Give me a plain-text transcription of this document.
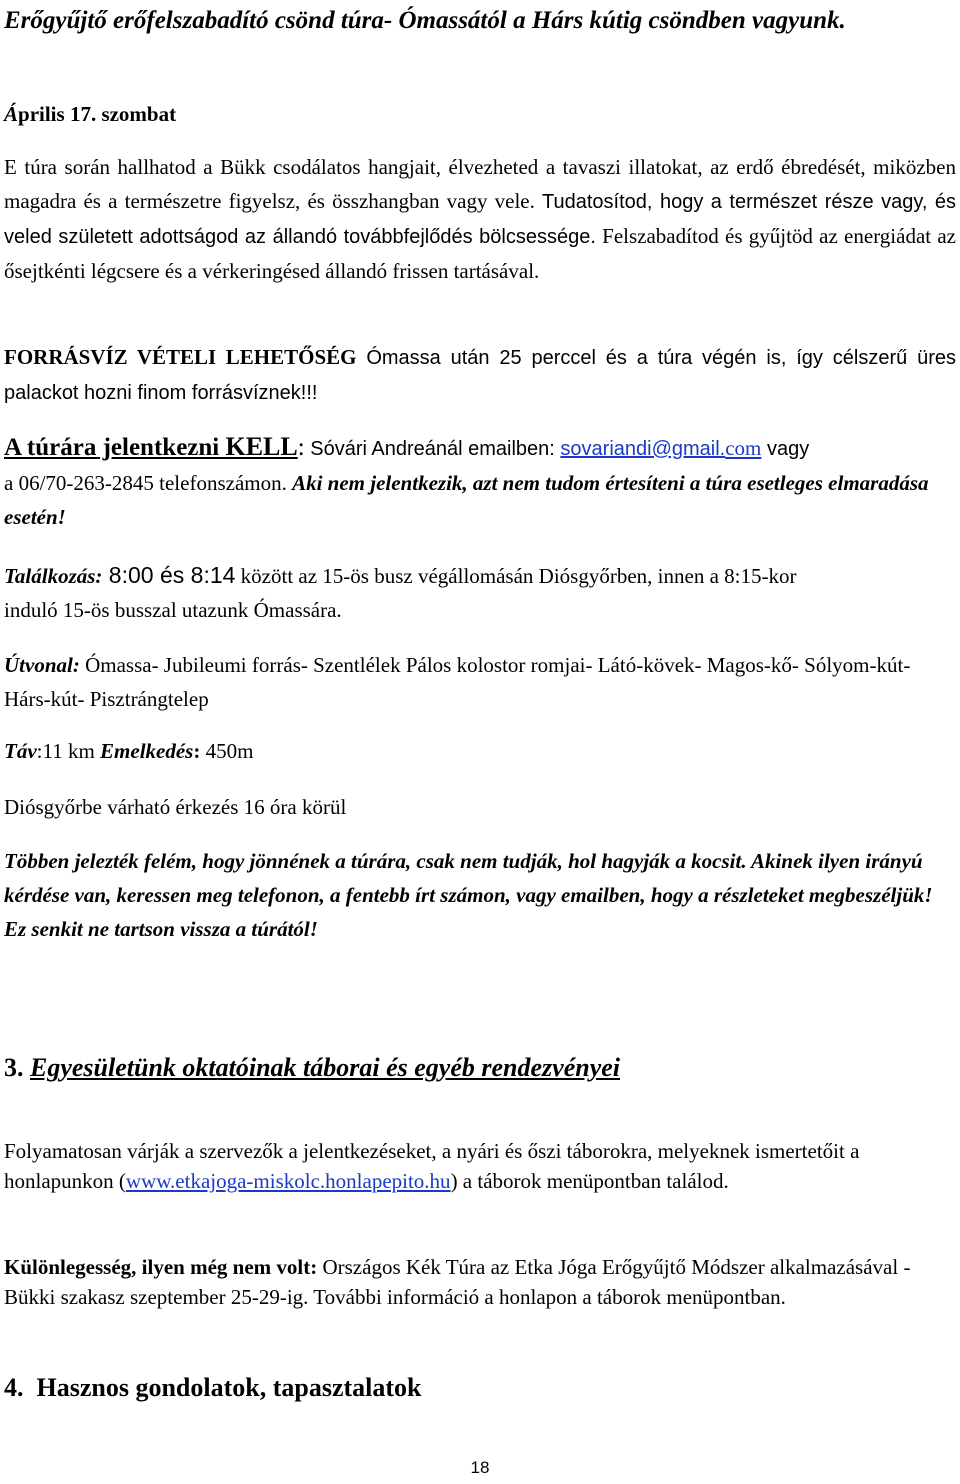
Erőgyűjtő erőfelszabadító csönd túra- Ómassától a Hárs kútig csöndben vagyunk.

Április 17. szombat

E túra során hallhatod a Bükk csodálatos hangjait, élvezheted a tavaszi illatokat, az erdő ébredését, miközben magadra és a természetre figyelsz, és összhangban vagy vele. Tudatosítod, hogy a természet része vagy, és veled született adottságod az állandó továbbfejlődés bölcsessége. Felszabadítod és gyűjtöd az energiádat az ősejtkénti légcsere és a vérkeringésed állandó frissen tartásával.

FORRÁSVÍZ VÉTELI LEHETŐSÉG Ómassa után 25 perccel és a túra végén is, így célszerű üres palackot hozni finom forrásvíznek!!!

A túrára jelentkezni KELL: Sóvári Andreánál emailben: sovariandi@gmail.com vagy
a 06/70-263-2845 telefonszámon. Aki nem jelentkezik, azt nem tudom értesíteni a túra esetleges elmaradása esetén!

Találkozás: 8:00 és 8:14 között az 15-ös busz végállomásán Diósgyőrben, innen a 8:15-kor
induló 15-ös busszal utazunk Ómassára.

Útvonal: Ómassa- Jubileumi forrás- Szentlélek Pálos kolostor romjai- Látó-kövek- Magos-kő- Sólyom-kút- Hárs-kút- Pisztrángtelep

Táv:11 km Emelkedés: 450m

Diósgyőrbe várható érkezés 16 óra körül

Többen jelezték felém, hogy jönnének a túrára, csak nem tudják, hol hagyják a kocsit. Akinek ilyen irányú kérdése van, keressen meg telefonon, a fentebb írt számon, vagy emailben, hogy a részleteket megbeszéljük! Ez senkit ne tartson vissza a túrától!

3. Egyesületünk oktatóinak táborai és egyéb rendezvényei

Folyamatosan várják a szervezők a jelentkezéseket, a nyári és őszi táborokra, melyeknek ismertetőit a honlapunkon (www.etkajoga-miskolc.honlapepito.hu) a táborok menüpontban találod.

Különlegesség, ilyen még nem volt: Országos Kék Túra az Etka Jóga Erőgyűjtő Módszer alkalmazásával - Bükki szakasz szeptember 25-29-ig. További információ a honlapon a táborok menüpontban.

4. Hasznos gondolatok, tapasztalatok

18
